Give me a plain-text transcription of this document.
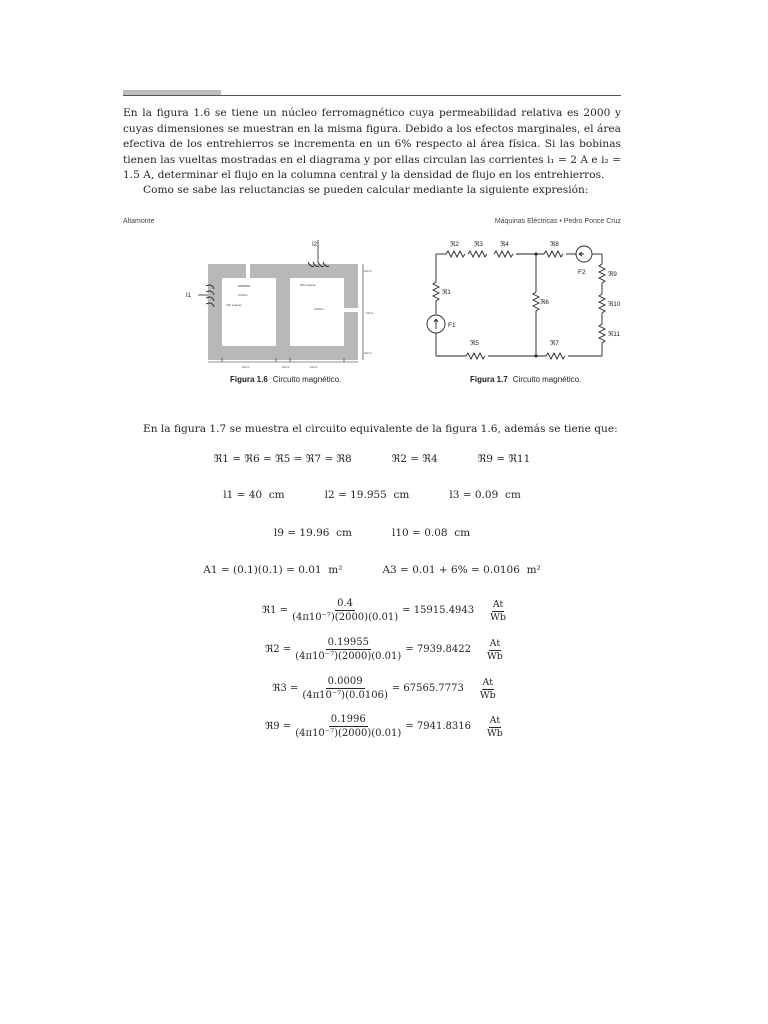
En la figura 1.6 se tiene un núcleo ferromagnético cuya permeabilidad relativa es 2000 y cuyas dimensiones se muestran en la misma figura. Debido a los efectos marginales, el área efectiva de los entrehierros se incrementa en un 6% respecto al área física. Si las bobinas tienen las vueltas mostradas en el diagrama y por ellas circulan las corrientes i₁ = 2 A e i₂ = 1.5 A, determinar el flujo en la columna central y la densidad de flujo en los entrehierros.
Como se sabe las reluctancias se pueden calcular mediante la siguiente expresión:
Altamonte	Máquinas Eléctricas • Pedro Ponce Cruz
I2
I1
700 espiras
500 espiras
0.09cm
0.08cm
10cm
10cm
10cm
10cm	10cm	10cm
Figura 1.6 Circuito magnético.
ℜ2 ℜ3	ℜ4	ℜ8
F2
ℜ1
F1
ℜ6
ℜ5	ℜ7
ℜ9
ℜ10
ℜ11
Figura 1.7 Circuito magnético.
En la figura 1.7 se muestra el circuito equivalente de la figura 1.6, además se tiene que:
ℜ1 = ℜ6 = ℜ5 = ℜ7 = ℜ8	ℜ2 = ℜ4	ℜ9 = ℜ11
l1 = 40  cm	l2 = 19.955  cm	l3 = 0.09  cm
l9 = 19.96  cm	l10 = 0.08  cm
A1 = (0.1)(0.1) = 0.01  m²	A3 = 0.01 + 6% = 0.0106  m²
ℜ1 = $\frac{0.4}{\text{(4π10⁻⁷)(2000)(0.01)}} = 15915.4943 \frac{At}{Wb}$
ℜ2 = $\frac{0.19955}{\text{(4π10⁻⁷)(2000)(0.01)}} = 7939.8422 \frac{At}{Wb}$
ℜ3 = $\frac{0.0009}{\text{(4π10⁻⁷)(0.0106)}} = 67565.7773 \frac{At}{Wb}$
ℜ9 = $\frac{0.1996}{\text{(4π10⁻⁷)(2000)(0.01)}} = 7941.8316 \frac{At}{Wb}$
